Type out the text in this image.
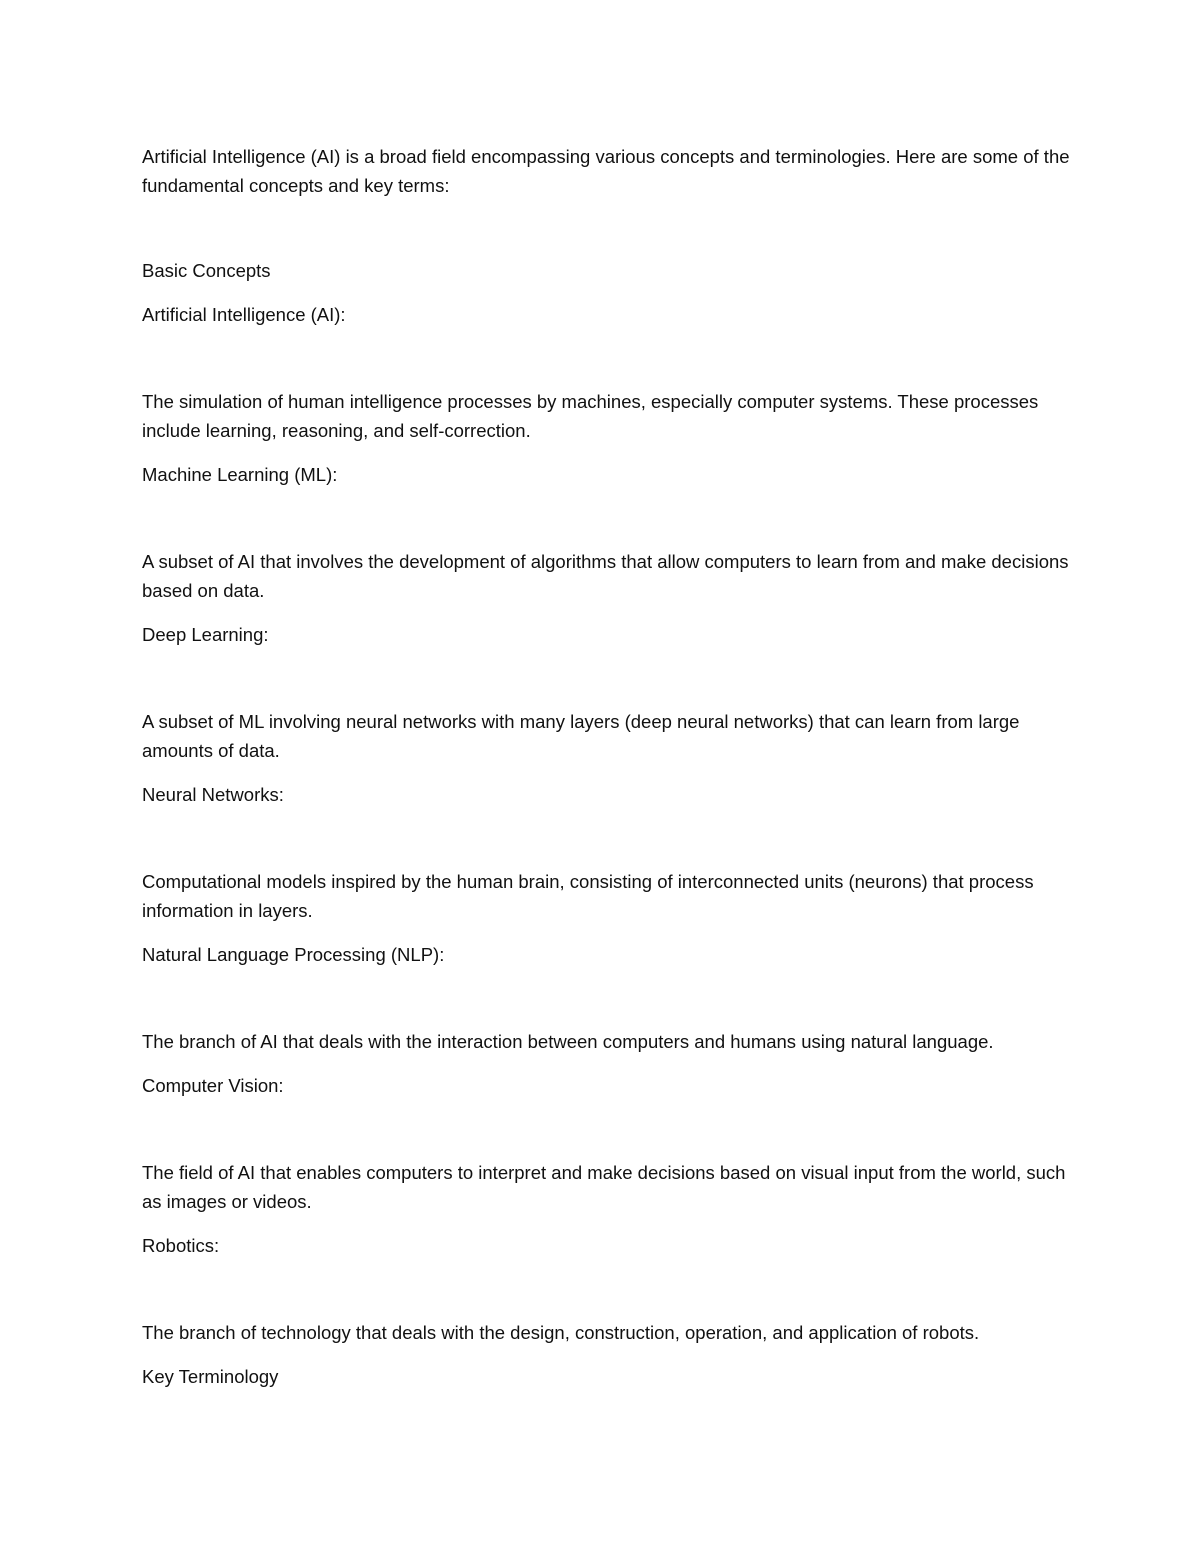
Artificial Intelligence (AI) is a broad field encompassing various concepts and terminologies. Here are some of the fundamental concepts and key terms:

Basic Concepts

Artificial Intelligence (AI):

The simulation of human intelligence processes by machines, especially computer systems. These processes include learning, reasoning, and self-correction.

Machine Learning (ML):

A subset of AI that involves the development of algorithms that allow computers to learn from and make decisions based on data.

Deep Learning:

A subset of ML involving neural networks with many layers (deep neural networks) that can learn from large amounts of data.

Neural Networks:

Computational models inspired by the human brain, consisting of interconnected units (neurons) that process information in layers.

Natural Language Processing (NLP):

The branch of AI that deals with the interaction between computers and humans using natural language.

Computer Vision:

The field of AI that enables computers to interpret and make decisions based on visual input from the world, such as images or videos.

Robotics:

The branch of technology that deals with the design, construction, operation, and application of robots.

Key Terminology
